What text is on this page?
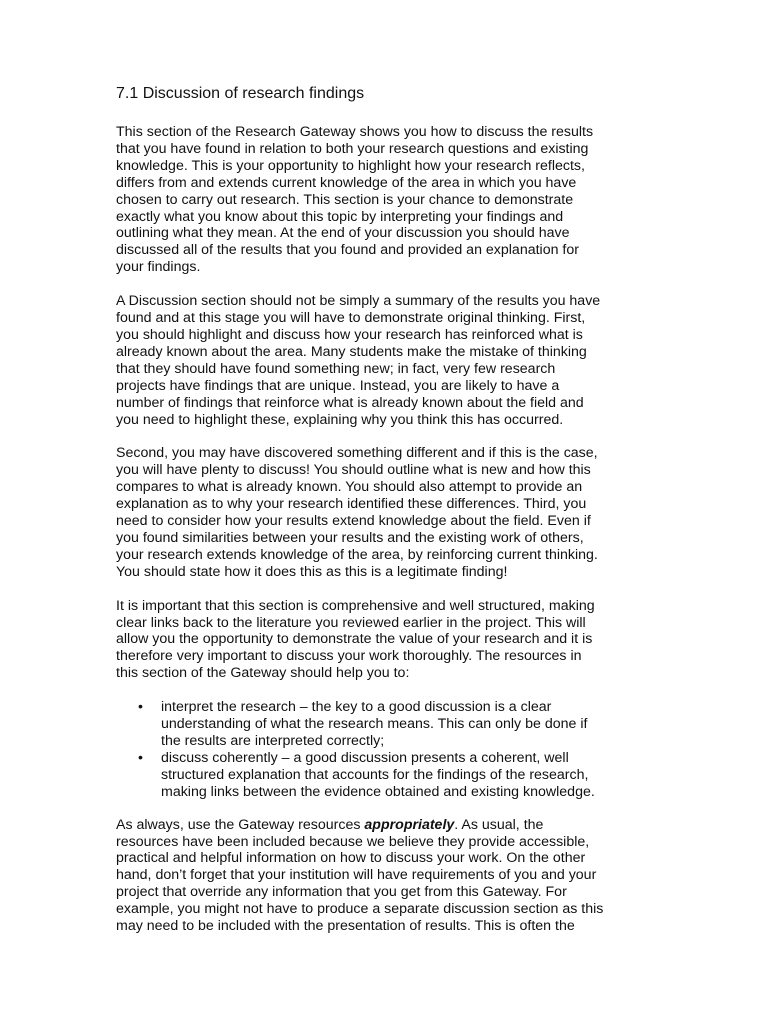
7.1 Discussion of research findings

This section of the Research Gateway shows you how to discuss the results
that you have found in relation to both your research questions and existing
knowledge. This is your opportunity to highlight how your research reflects,
differs from and extends current knowledge of the area in which you have
chosen to carry out research. This section is your chance to demonstrate
exactly what you know about this topic by interpreting your findings and
outlining what they mean. At the end of your discussion you should have
discussed all of the results that you found and provided an explanation for
your findings.

A Discussion section should not be simply a summary of the results you have
found and at this stage you will have to demonstrate original thinking. First,
you should highlight and discuss how your research has reinforced what is
already known about the area. Many students make the mistake of thinking
that they should have found something new; in fact, very few research
projects have findings that are unique. Instead, you are likely to have a
number of findings that reinforce what is already known about the field and
you need to highlight these, explaining why you think this has occurred.

Second, you may have discovered something different and if this is the case,
you will have plenty to discuss! You should outline what is new and how this
compares to what is already known. You should also attempt to provide an
explanation as to why your research identified these differences. Third, you
need to consider how your results extend knowledge about the field. Even if
you found similarities between your results and the existing work of others,
your research extends knowledge of the area, by reinforcing current thinking.
You should state how it does this as this is a legitimate finding!

It is important that this section is comprehensive and well structured, making
clear links back to the literature you reviewed earlier in the project. This will
allow you the opportunity to demonstrate the value of your research and it is
therefore very important to discuss your work thoroughly. The resources in
this section of the Gateway should help you to:

• interpret the research – the key to a good discussion is a clear
understanding of what the research means. This can only be done if
the results are interpreted correctly;
• discuss coherently – a good discussion presents a coherent, well
structured explanation that accounts for the findings of the research,
making links between the evidence obtained and existing knowledge.

As always, use the Gateway resources appropriately. As usual, the
resources have been included because we believe they provide accessible,
practical and helpful information on how to discuss your work. On the other
hand, don’t forget that your institution will have requirements of you and your
project that override any information that you get from this Gateway. For
example, you might not have to produce a separate discussion section as this
may need to be included with the presentation of results. This is often the
